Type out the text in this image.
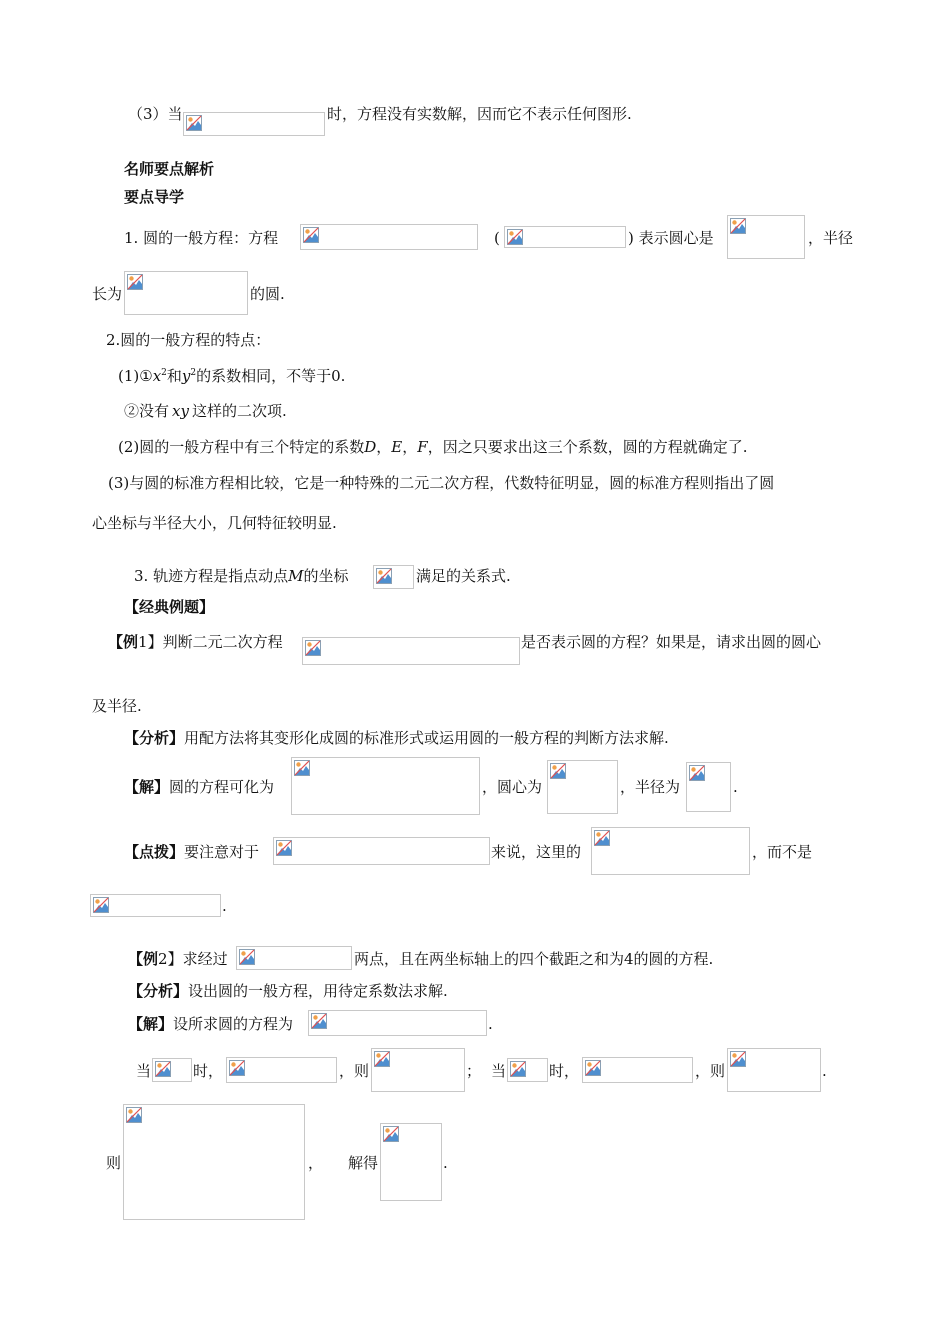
（3）当	时，方程没有实数解，因而它不表示任何图形.
名师要点解析
要点导学
1. 圆的一般方程：方程	(	) 表示圆心是	，半径
长为	的圆.
2.圆的一般方程的特点：
$(1)①x^2$和$y^2$的系数相同，不等于0.
②没有 xy 这样的二次项.
(2)圆的一般方程中有三个特定的系数D，E，F，因之只要求出这三个系数，圆的方程就确定了.
(3)与圆的标准方程相比较，它是一种特殊的二元二次方程，代数特征明显，圆的标准方程则指出了圆
心坐标与半径大小，几何特征较明显.
3. 轨迹方程是指点动点M的坐标	满足的关系式.
【经典例题】
【例1】判断二元二次方程	是否表示圆的方程？如果是，请求出圆的圆心
及半径.
【分析】用配方法将其变形化成圆的标准形式或运用圆的一般方程的判断方法求解.
【解】圆的方程可化为	，圆心为	，半径为	.
【点拨】要注意对于	来说，这里的	，而不是
.
【例2】求经过	两点，且在两坐标轴上的四个截距之和为4的圆的方程.
【分析】设出圆的一般方程，用待定系数法求解.
【解】设所求圆的方程为	.
当	时，	，则	； 当	时，	，则	.
则	， 解得	.
